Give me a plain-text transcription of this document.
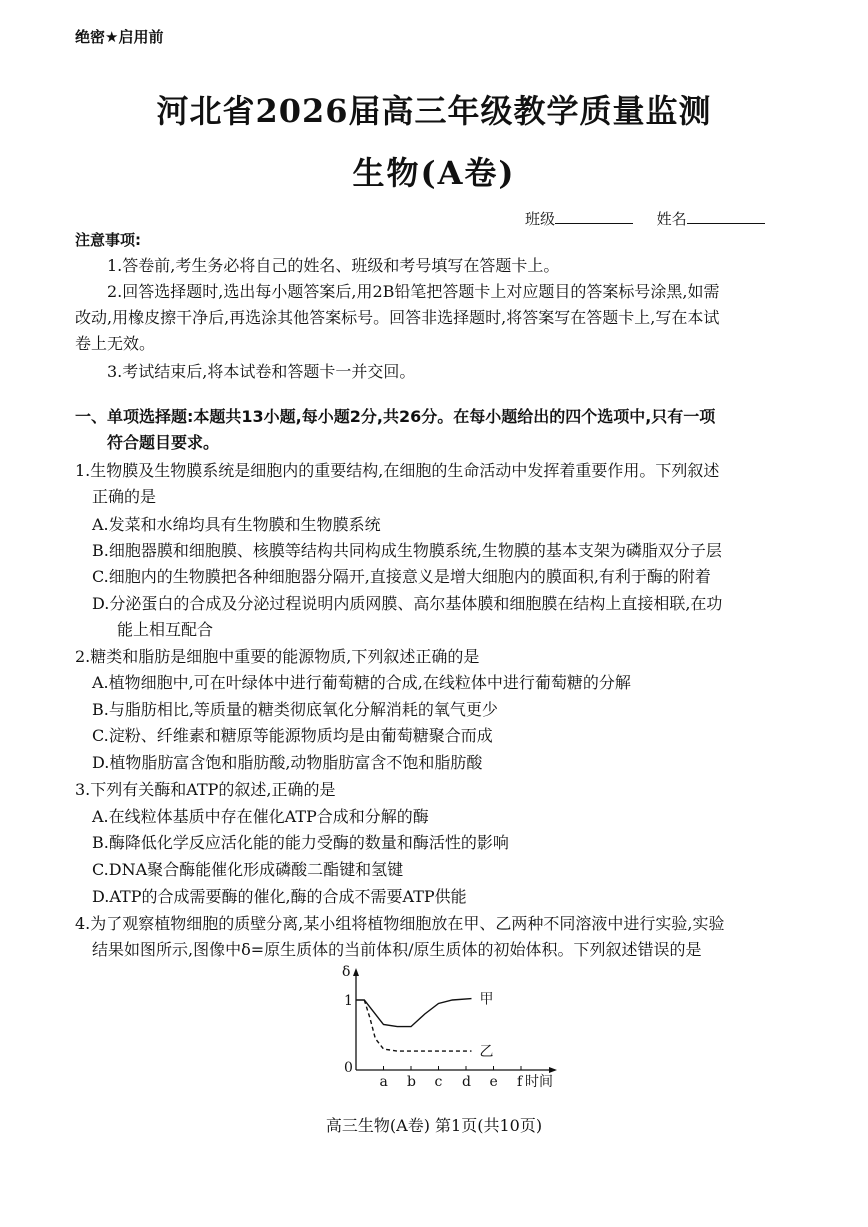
绝密★启用前
河北省2026届高三年级教学质量监测
生物(A卷)
班级	姓名
注意事项:
1.答卷前,考生务必将自己的姓名、班级和考号填写在答题卡上。
2.回答选择题时,选出每小题答案后,用2B铅笔把答题卡上对应题目的答案标号涂黑,如需
改动,用橡皮擦干净后,再选涂其他答案标号。回答非选择题时,将答案写在答题卡上,写在本试
卷上无效。
3.考试结束后,将本试卷和答题卡一并交回。
一、单项选择题:本题共13小题,每小题2分,共26分。在每小题给出的四个选项中,只有一项
符合题目要求。
1.生物膜及生物膜系统是细胞内的重要结构,在细胞的生命活动中发挥着重要作用。下列叙述
正确的是
A.发菜和水绵均具有生物膜和生物膜系统
B.细胞器膜和细胞膜、核膜等结构共同构成生物膜系统,生物膜的基本支架为磷脂双分子层
C.细胞内的生物膜把各种细胞器分隔开,直接意义是增大细胞内的膜面积,有利于酶的附着
D.分泌蛋白的合成及分泌过程说明内质网膜、高尔基体膜和细胞膜在结构上直接相联,在功
能上相互配合
2.糖类和脂肪是细胞中重要的能源物质,下列叙述正确的是
A.植物细胞中,可在叶绿体中进行葡萄糖的合成,在线粒体中进行葡萄糖的分解
B.与脂肪相比,等质量的糖类彻底氧化分解消耗的氧气更少
C.淀粉、纤维素和糖原等能源物质均是由葡萄糖聚合而成
D.植物脂肪富含饱和脂肪酸,动物脂肪富含不饱和脂肪酸
3.下列有关酶和ATP的叙述,正确的是
A.在线粒体基质中存在催化ATP合成和分解的酶
B.酶降低化学反应活化能的能力受酶的数量和酶活性的影响
C.DNA聚合酶能催化形成磷酸二酯键和氢键
D.ATP的合成需要酶的催化,酶的合成不需要ATP供能
4.为了观察植物细胞的质壁分离,某小组将植物细胞放在甲、乙两种不同溶液中进行实验,实验
结果如图所示,图像中δ=原生质体的当前体积/原生质体的初始体积。下列叙述错误的是
δ
时间
0
1
a b c d e f
甲
乙
高三生物(A卷) 第1页(共10页)
